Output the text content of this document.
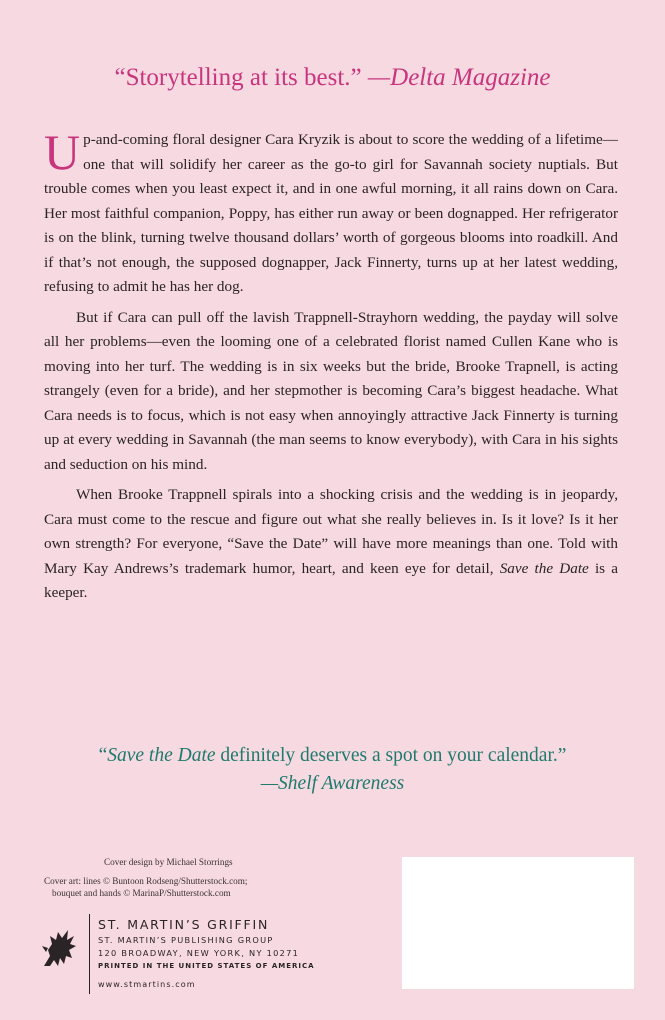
“Storytelling at its best.” —Delta Magazine

Up-and-coming floral designer Cara Kryzik is about to score the wedding of a lifetime—one that will solidify her career as the go-to girl for Savannah society nuptials. But trouble comes when you least expect it, and in one awful morning, it all rains down on Cara. Her most faithful companion, Poppy, has either run away or been dognapped. Her refrigerator is on the blink, turning twelve thousand dollars’ worth of gorgeous blooms into roadkill. And if that’s not enough, the supposed dognapper, Jack Finnerty, turns up at her latest wedding, refusing to admit he has her dog.

But if Cara can pull off the lavish Trappnell-Strayhorn wedding, the payday will solve all her problems—even the looming one of a celebrated florist named Cullen Kane who is moving into her turf. The wedding is in six weeks but the bride, Brooke Trapnell, is acting strangely (even for a bride), and her stepmother is becoming Cara’s biggest headache. What Cara needs is to focus, which is not easy when annoyingly attractive Jack Finnerty is turning up at every wedding in Savannah (the man seems to know everybody), with Cara in his sights and seduction on his mind.

When Brooke Trappnell spirals into a shocking crisis and the wedding is in jeopardy, Cara must come to the rescue and figure out what she really believes in. Is it love? Is it her own strength? For everyone, “Save the Date” will have more meanings than one. Told with Mary Kay Andrews’s trademark humor, heart, and keen eye for detail, Save the Date is a keeper.

“Save the Date definitely deserves a spot on your calendar.”
—Shelf Awareness
Cover design by Michael Storrings
Cover art: lines © Buntoon Rodseng/Shutterstock.com;
bouquet and hands © MarinaP/Shutterstock.com
ST. MARTIN’S GRIFFIN
ST. MARTIN’S PUBLISHING GROUP
120 BROADWAY, NEW YORK, NY 10271
PRINTED IN THE UNITED STATES OF AMERICA
www.stmartins.com
